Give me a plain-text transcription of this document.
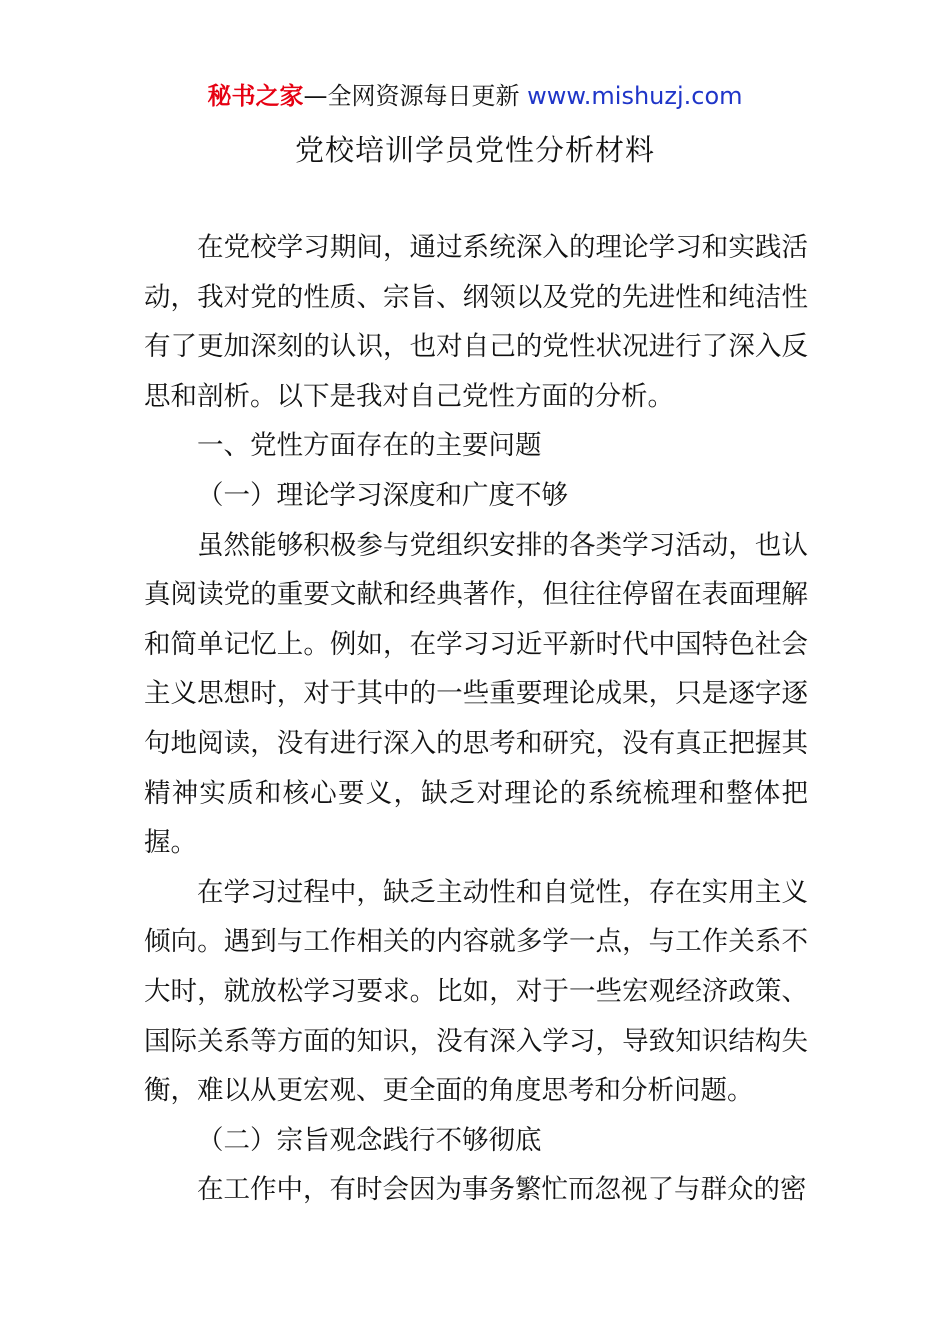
秘书之家—全网资源每日更新 www.mishuzj.com
党校培训学员党性分析材料

在党校学习期间，通过系统深入的理论学习和实践活动，我对党的性质、宗旨、纲领以及党的先进性和纯洁性有了更加深刻的认识，也对自己的党性状况进行了深入反思和剖析。以下是我对自己党性方面的分析。

一、党性方面存在的主要问题

（一）理论学习深度和广度不够

虽然能够积极参与党组织安排的各类学习活动，也认真阅读党的重要文献和经典著作，但往往停留在表面理解和简单记忆上。例如，在学习习近平新时代中国特色社会主义思想时，对于其中的一些重要理论成果，只是逐字逐句地阅读，没有进行深入的思考和研究，没有真正把握其精神实质和核心要义，缺乏对理论的系统梳理和整体把握。

在学习过程中，缺乏主动性和自觉性，存在实用主义倾向。遇到与工作相关的内容就多学一点，与工作关系不大时，就放松学习要求。比如，对于一些宏观经济政策、国际关系等方面的知识，没有深入学习，导致知识结构失衡，难以从更宏观、更全面的角度思考和分析问题。

（二）宗旨观念践行不够彻底

在工作中，有时会因为事务繁忙而忽视了与群众的密
